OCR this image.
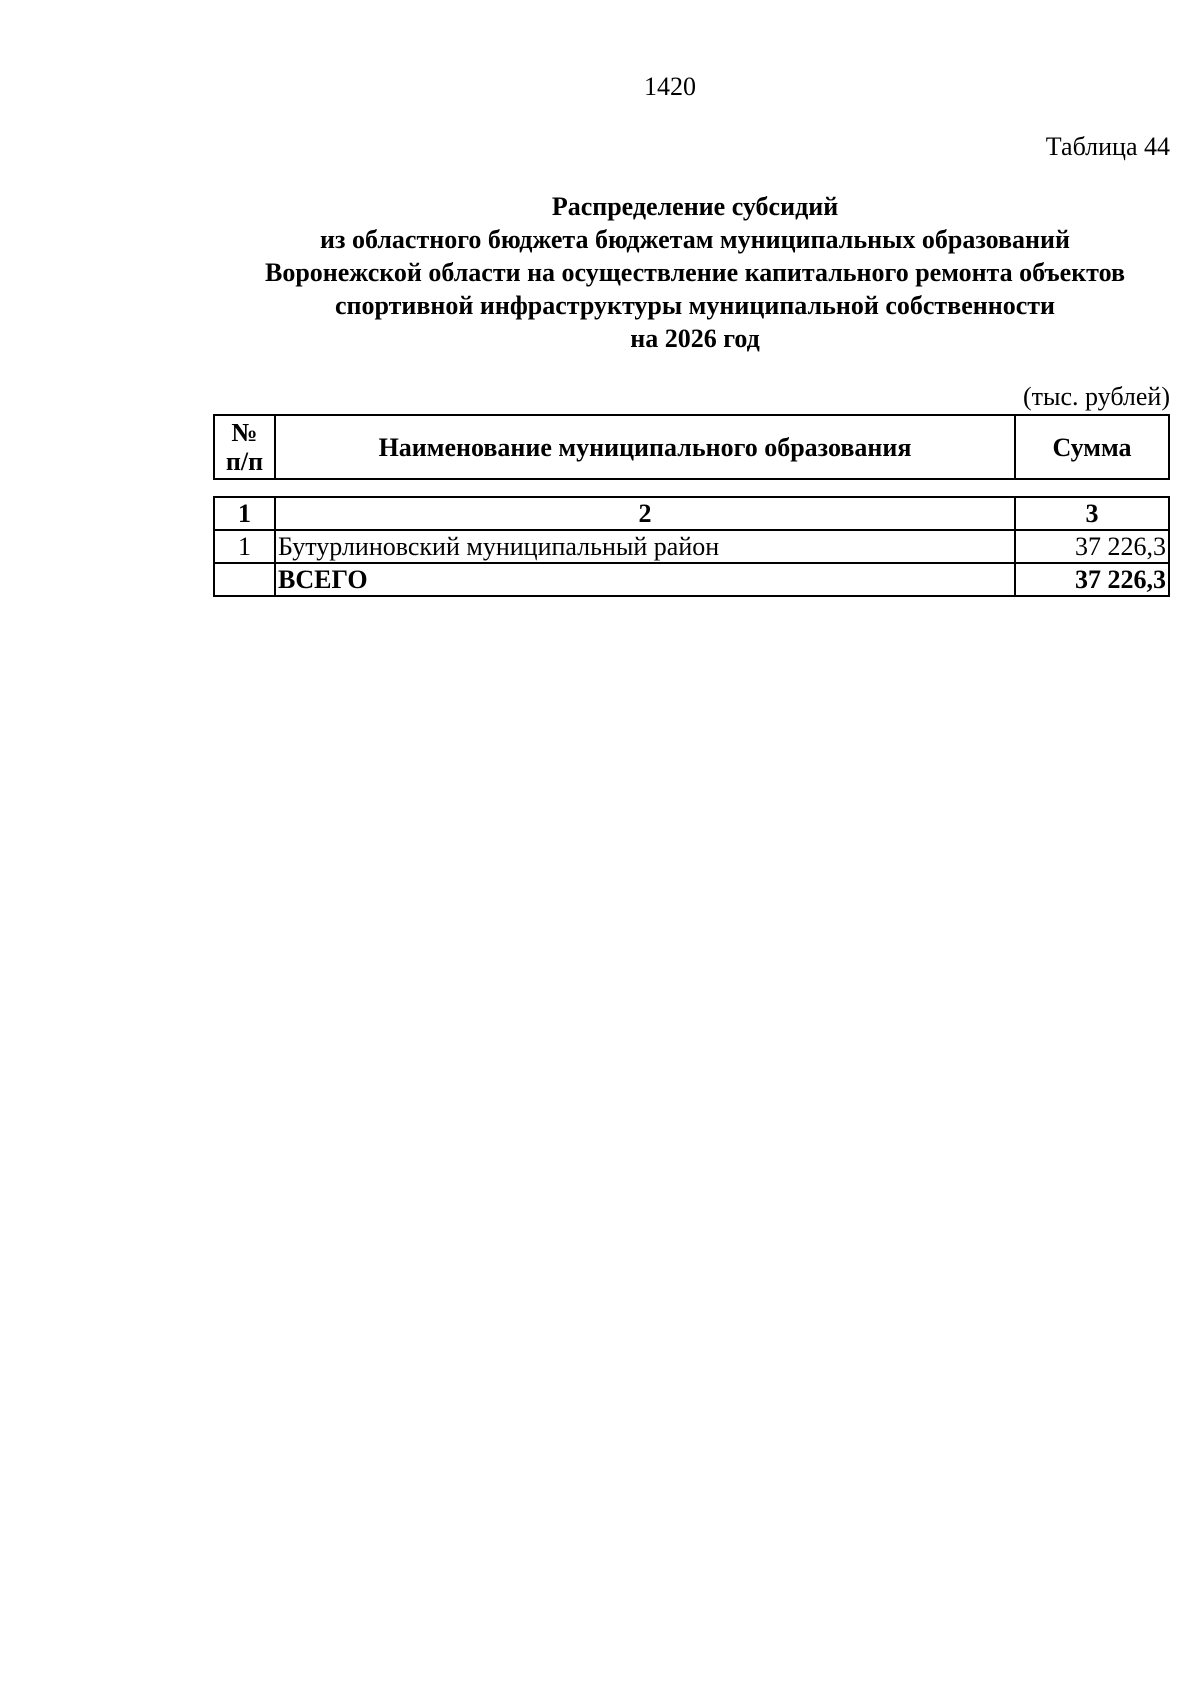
1420
Таблица 44
Распределение субсидий
из областного бюджета бюджетам муниципальных образований
Воронежской области на осуществление капитального ремонта объектов
спортивной инфраструктуры муниципальной собственности
на 2026 год
(тыс. рублей)
№
п/п	Наименование муниципального образования	Сумма
1	2	3
1	Бутурлиновский муниципальный район	37 226,3
	ВСЕГО	37 226,3
